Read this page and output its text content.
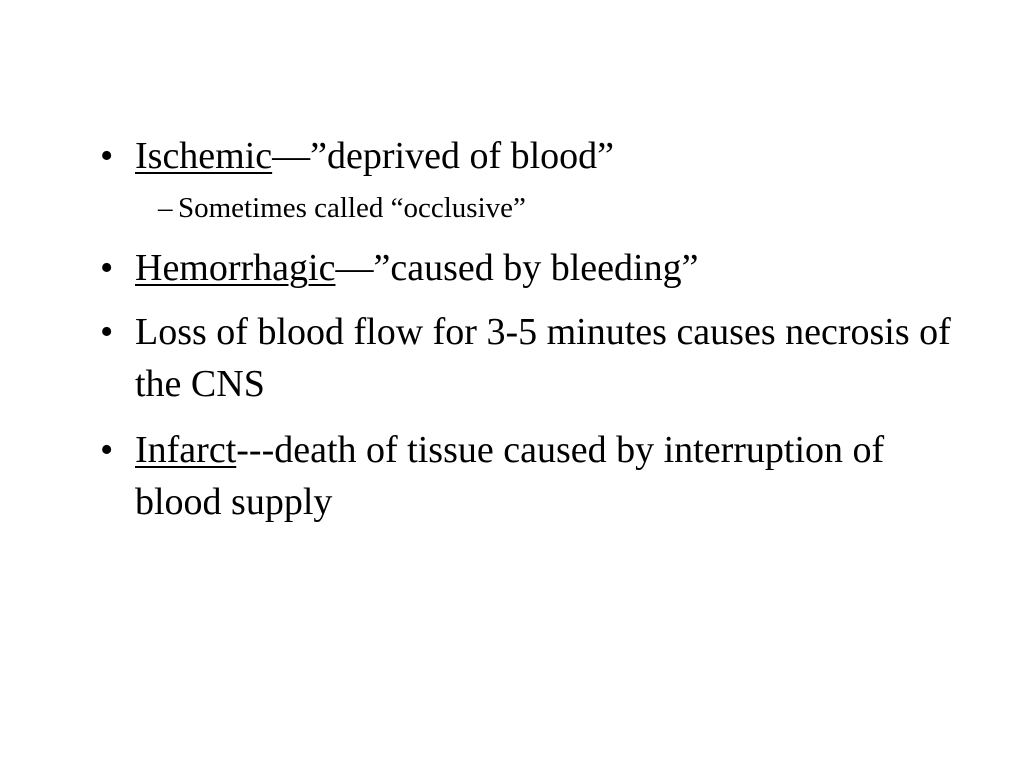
• Ischemic—”deprived of blood”
– Sometimes called “occlusive”
• Hemorrhagic—”caused by bleeding”
• Loss of blood flow for 3-5 minutes causes necrosis of the CNS
• Infarct---death of tissue caused by interruption of blood supply
